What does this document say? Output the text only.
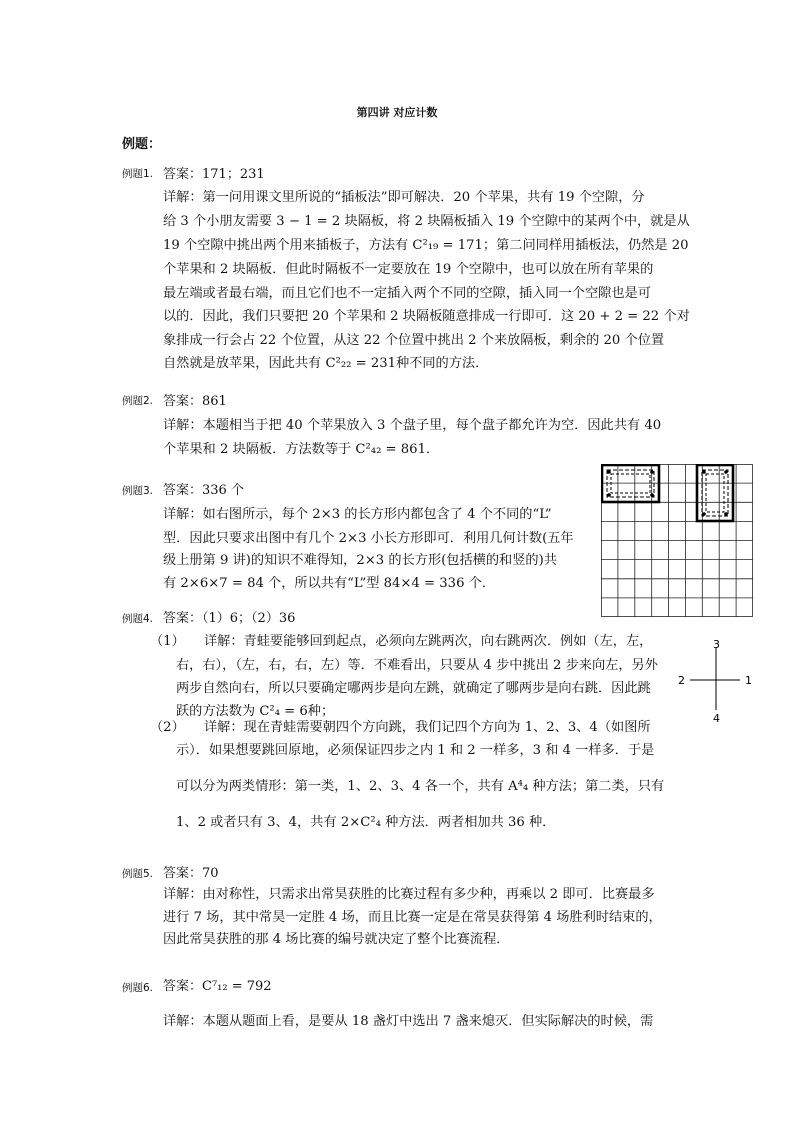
第四讲 对应计数
例题：
例题1. 答案：171；231
详解：第一问用课文里所说的“插板法”即可解决．20 个苹果，共有 19 个空隙，分
给 3 个小朋友需要 3 − 1 = 2 块隔板，将 2 块隔板插入 19 个空隙中的某两个中，就是从
19 个空隙中挑出两个用来插板子，方法有 C²₁₉ = 171；第二问同样用插板法，仍然是 20
个苹果和 2 块隔板．但此时隔板不一定要放在 19 个空隙中，也可以放在所有苹果的
最左端或者最右端，而且它们也不一定插入两个不同的空隙，插入同一个空隙也是可
以的．因此，我们只要把 20 个苹果和 2 块隔板随意排成一行即可．这 20 + 2 = 22 个对
象排成一行会占 22 个位置，从这 22 个位置中挑出 2 个来放隔板，剩余的 20 个位置
自然就是放苹果，因此共有 C²₂₂ = 231种不同的方法．
例题2. 答案：861
详解：本题相当于把 40 个苹果放入 3 个盘子里，每个盘子都允许为空．因此共有 40
个苹果和 2 块隔板．方法数等于 C²₄₂ = 861．
例题3. 答案：336 个
详解：如右图所示，每个 2×3 的长方形内都包含了 4 个不同的“L”
型．因此只要求出图中有几个 2×3 小长方形即可．利用几何计数(五年
级上册第 9 讲)的知识不难得知，2×3 的长方形(包括横的和竖的)共
有 2×6×7 = 84 个，所以共有“L”型 84×4 = 336 个．
例题4. 答案：（1）6；（2）36
（1） 详解：青蛙要能够回到起点，必须向左跳两次，向右跳两次．例如（左，左，
右，右），（左，右，右，左）等．不难看出，只要从 4 步中挑出 2 步来向左，另外
两步自然向右，所以只要确定哪两步是向左跳，就确定了哪两步是向右跳．因此跳
跃的方法数为 C²₄ = 6种；
（2） 详解：现在青蛙需要朝四个方向跳，我们记四个方向为 1、2、3、4（如图所
示）．如果想要跳回原地，必须保证四步之内 1 和 2 一样多，3 和 4 一样多．于是
可以分为两类情形：第一类，1、2、3、4 各一个，共有 A⁴₄ 种方法；第二类，只有
1、2 或者只有 3、4，共有 2×C²₄ 种方法．两者相加共 36 种．
3
2	1
4
例题5. 答案：70
详解：由对称性，只需求出常昊获胜的比赛过程有多少种，再乘以 2 即可．比赛最多
进行 7 场，其中常昊一定胜 4 场，而且比赛一定是在常昊获得第 4 场胜利时结束的，
因此常昊获胜的那 4 场比赛的编号就决定了整个比赛流程．
例题6. 答案：C⁷₁₂ = 792
详解：本题从题面上看，是要从 18 盏灯中选出 7 盏来熄灭．但实际解决的时候，需
